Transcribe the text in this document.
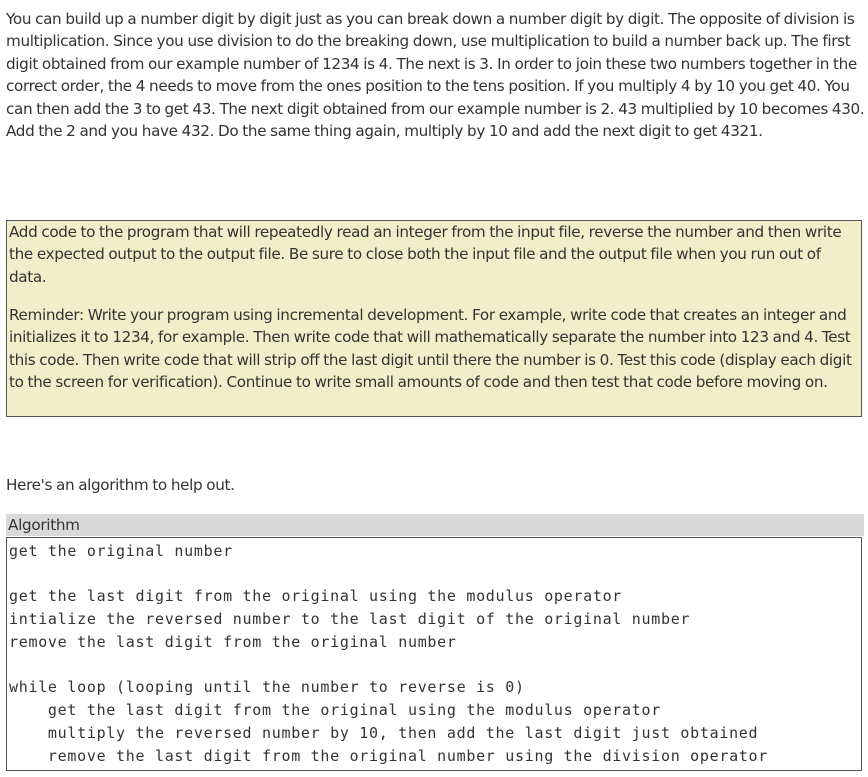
You can build up a number digit by digit just as you can break down a number digit by digit. The opposite of division is multiplication. Since you use division to do the breaking down, use multiplication to build a number back up. The first digit obtained from our example number of 1234 is 4. The next is 3. In order to join these two numbers together in the correct order, the 4 needs to move from the ones position to the tens position. If you multiply 4 by 10 you get 40. You can then add the 3 to get 43. The next digit obtained from our example number is 2. 43 multiplied by 10 becomes 430. Add the 2 and you have 432. Do the same thing again, multiply by 10 and add the next digit to get 4321.

Add code to the program that will repeatedly read an integer from the input file, reverse the number and then write the expected output to the output file. Be sure to close both the input file and the output file when you run out of data.

Reminder: Write your program using incremental development. For example, write code that creates an integer and initializes it to 1234, for example. Then write code that will mathematically separate the number into 123 and 4. Test this code. Then write code that will strip off the last digit until there the number is 0. Test this code (display each digit to the screen for verification). Continue to write small amounts of code and then test that code before moving on.

Here's an algorithm to help out.

Algorithm
get the original number
get the last digit from the original using the modulus operator
intialize the reversed number to the last digit of the original number
remove the last digit from the original number
while loop (looping until the number to reverse is 0)
get the last digit from the original using the modulus operator
multiply the reversed number by 10, then add the last digit just obtained
remove the last digit from the original number using the division operator
